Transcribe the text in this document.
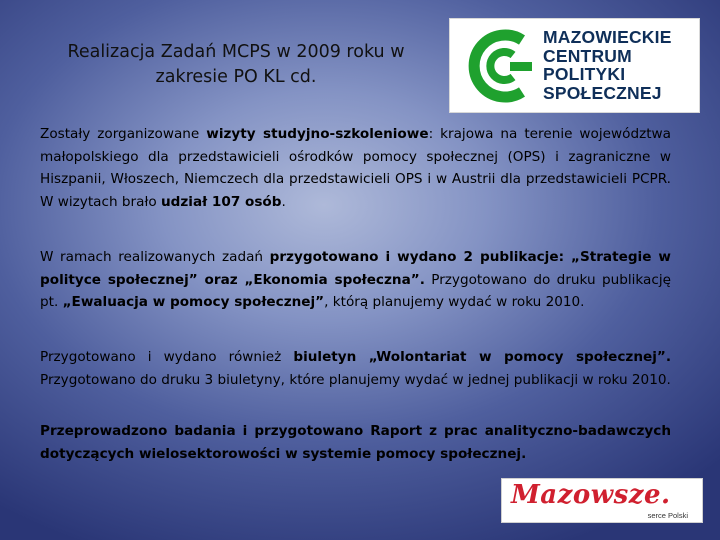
Realizacja Zadań MCPS w 2009 roku w
zakresie PO KL cd.
MAZOWIECKIE
CENTRUM
POLITYKI
SPOŁECZNEJ
Zostały zorganizowane wizyty studyjno-szkoleniowe: krajowa na terenie województwa małopolskiego dla przedstawicieli ośrodków pomocy społecznej (OPS) i zagraniczne w Hiszpanii, Włoszech, Niemczech dla przedstawicieli OPS i w Austrii dla przedstawicieli PCPR. W wizytach brało udział 107 osób.
W ramach realizowanych zadań przygotowano i wydano 2 publikacje: „Strategie w polityce społecznej” oraz „Ekonomia społeczna”. Przygotowano do druku publikację pt. „Ewaluacja w pomocy społecznej”, którą planujemy wydać w roku 2010.
Przygotowano i wydano również biuletyn „Wolontariat w pomocy społecznej”. Przygotowano do druku 3 biuletyny, które planujemy wydać w jednej publikacji w roku 2010.
Przeprowadzono badania i przygotowano Raport z prac analityczno-badawczych dotyczących wielosektorowości w systemie pomocy społecznej.
Mazowsze.
serce Polski
